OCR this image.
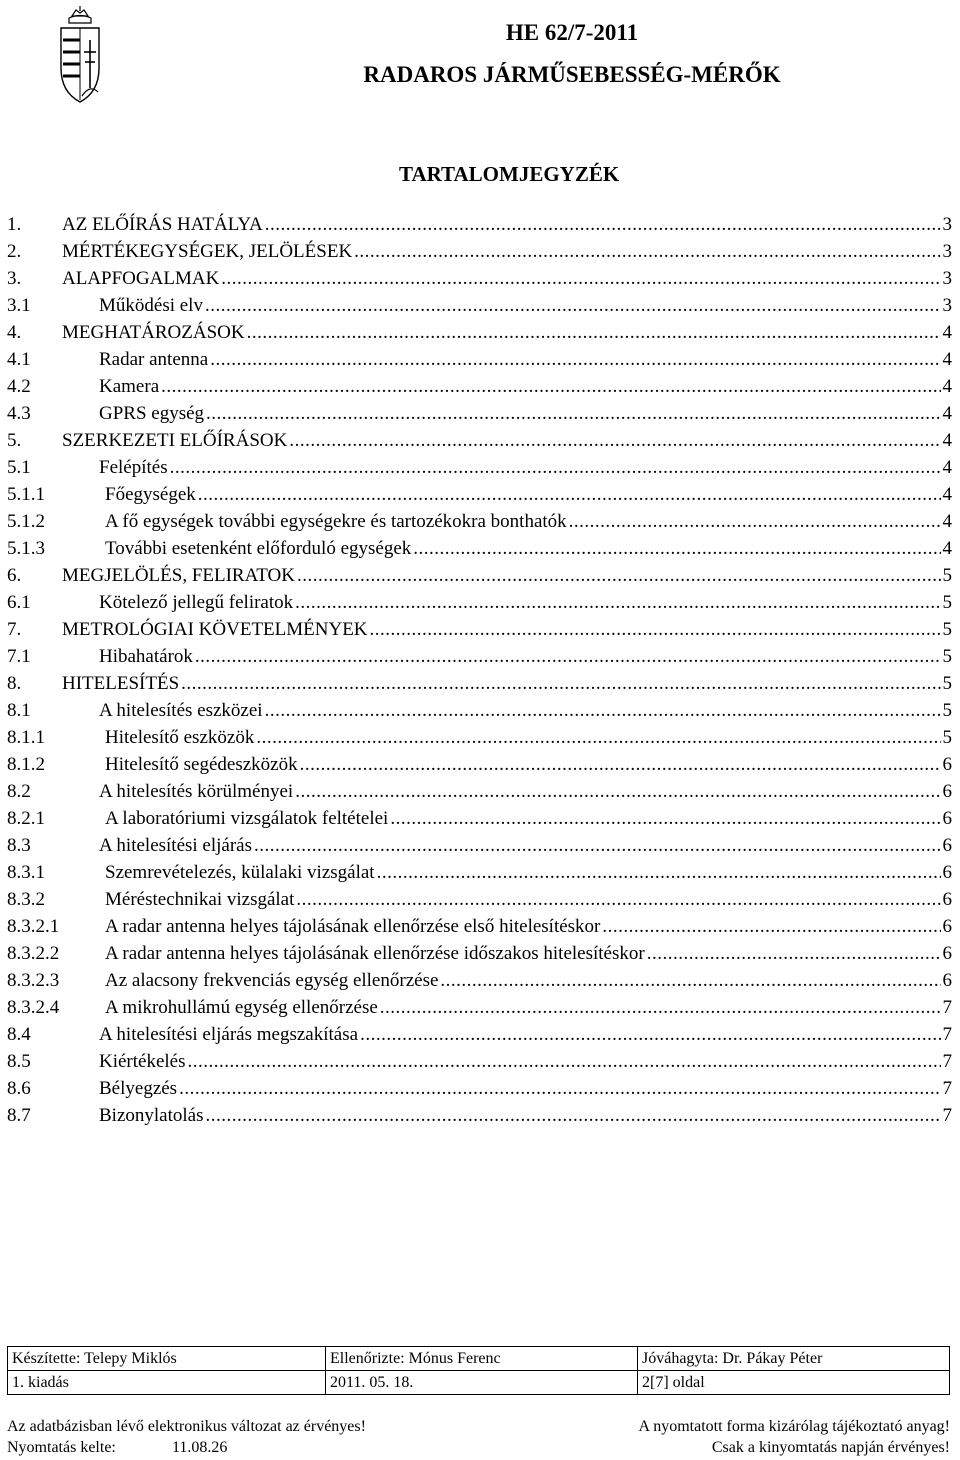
HE 62/7-2011
RADAROS JÁRMŰSEBESSÉG-MÉRŐK
TARTALOMJEGYZÉK
1. AZ ELŐÍRÁS HATÁLYA .....	3
2. MÉRTÉKEGYSÉGEK, JELÖLÉSEK .....	3
3. ALAPFOGALMAK .....	3
3.1	Működési elv .....	3
4. MEGHATÁROZÁSOK .....	4
4.1	Radar antenna .....	4
4.2	Kamera .....	4
4.3	GPRS egység .....	4
5. SZERKEZETI ELŐÍRÁSOK .....	4
5.1	Felépítés .....	4
5.1.1	Főegységek .....	4
5.1.2	A fő egységek további egységekre és tartozékokra bonthatók .....	4
5.1.3	További esetenként előforduló egységek .....	4
6. MEGJELÖLÉS, FELIRATOK .....	5
6.1	Kötelező jellegű feliratok .....	5
7. METROLÓGIAI KÖVETELMÉNYEK .....	5
7.1	Hibahatárok .....	5
8. HITELESÍTÉS .....	5
8.1	A hitelesítés eszközei .....	5
8.1.1	Hitelesítő eszközök .....	5
8.1.2	Hitelesítő segédeszközök .....	6
8.2	A hitelesítés körülményei .....	6
8.2.1	A laboratóriumi vizsgálatok feltételei .....	6
8.3	A hitelesítési eljárás .....	6
8.3.1	Szemrevételezés, külalaki vizsgálat .....	6
8.3.2	Méréstechnikai vizsgálat .....	6
8.3.2.1 A radar antenna helyes tájolásának ellenőrzése első hitelesítéskor .....	6
8.3.2.2 A radar antenna helyes tájolásának ellenőrzése időszakos hitelesítéskor .....	6
8.3.2.3 Az alacsony frekvenciás egység ellenőrzése .....	6
8.3.2.4 A mikrohullámú egység ellenőrzése .....	7
8.4	A hitelesítési eljárás megszakítása .....	7
8.5	Kiértékelés .....	7
8.6	Bélyegzés .....	7
8.7	Bizonylatolás .....	7
Készítette: Telepy Miklós	Ellenőrizte: Mónus Ferenc	Jóváhagyta: Dr. Pákay Péter
1. kiadás	2011. 05. 18.	2[7] oldal
Az adatbázisban lévő elektronikus változat az érvényes!	A nyomtatott forma kizárólag tájékoztató anyag!
Nyomtatás kelte:	11.08.26	Csak a kinyomtatás napján érvényes!
